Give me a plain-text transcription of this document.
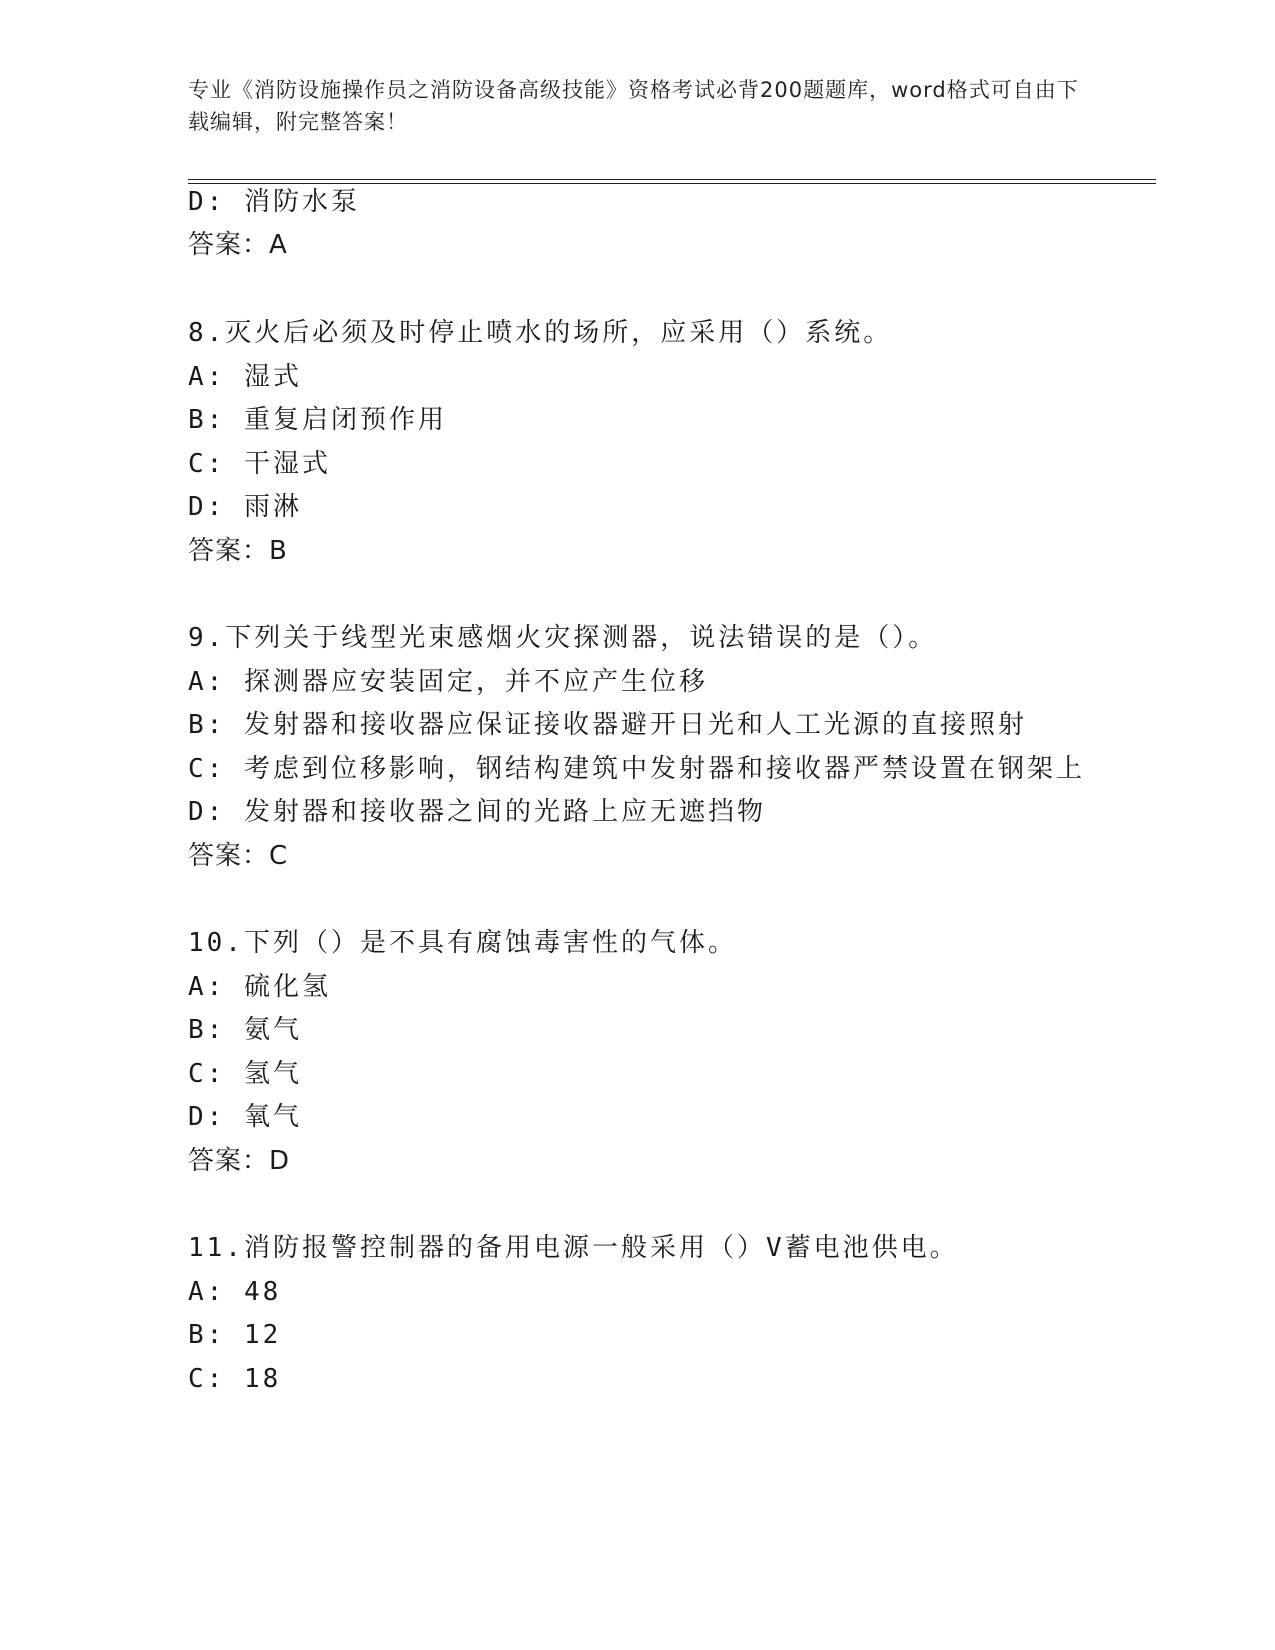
专业《消防设施操作员之消防设备高级技能》资格考试必背200题题库，word格式可自由下载编辑，附完整答案！
D: 消防水泵
答案：A
8.灭火后必须及时停止喷水的场所，应采用（）系统。
A: 湿式
B: 重复启闭预作用
C: 干湿式
D: 雨淋
答案：B
9.下列关于线型光束感烟火灾探测器，说法错误的是（）。
A: 探测器应安装固定，并不应产生位移
B: 发射器和接收器应保证接收器避开日光和人工光源的直接照射
C: 考虑到位移影响，钢结构建筑中发射器和接收器严禁设置在钢架上
D: 发射器和接收器之间的光路上应无遮挡物
答案：C
10.下列（）是不具有腐蚀毒害性的气体。
A: 硫化氢
B: 氨气
C: 氢气
D: 氧气
答案：D
11.消防报警控制器的备用电源一般采用（）V蓄电池供电。
A: 48
B: 12
C: 18
